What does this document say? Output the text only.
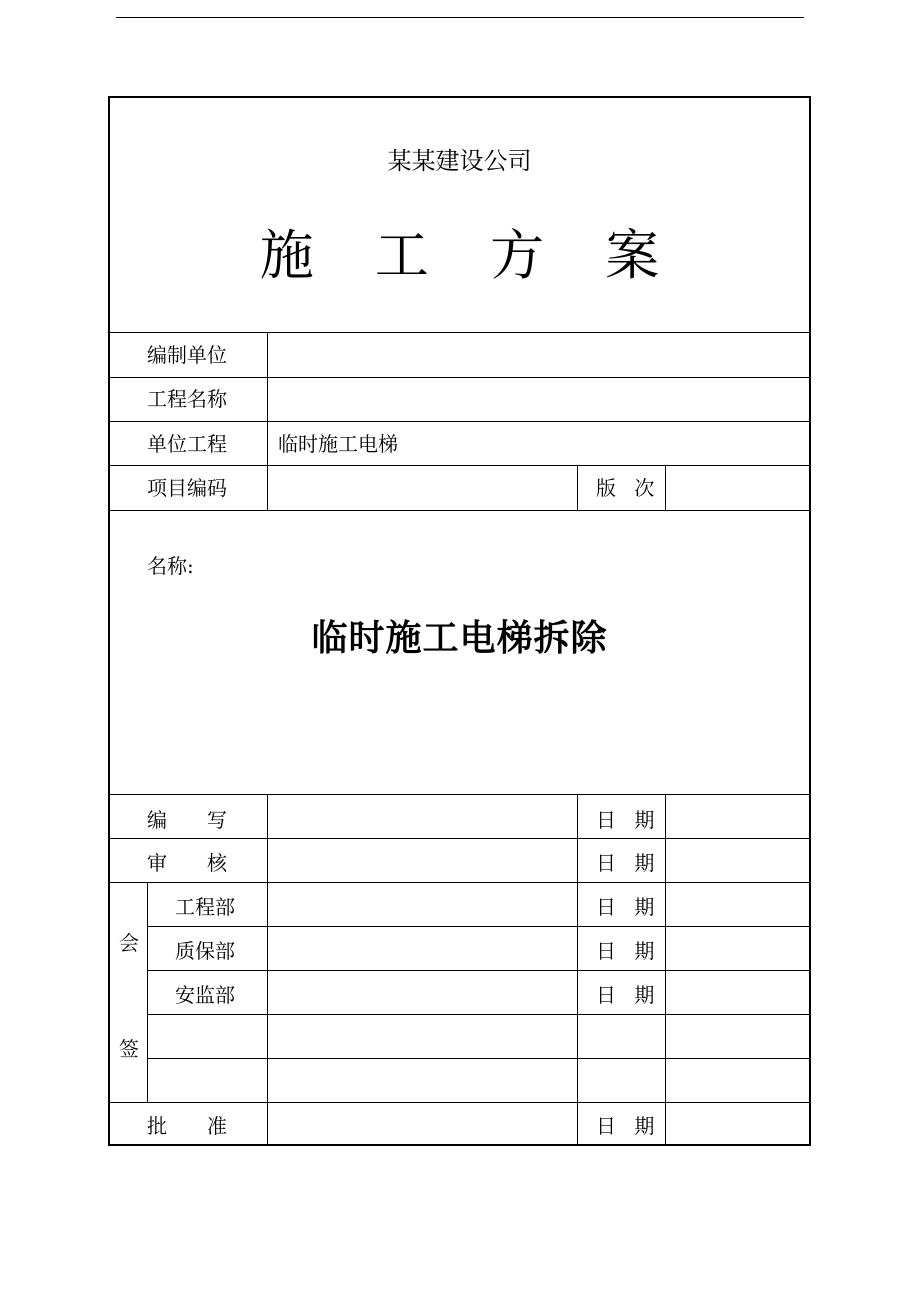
某某建设公司
施 工 方 案
编制单位
工程名称
单位工程	临时施工电梯
项目编码	版 次
名称:
临时施工电梯拆除
编　　写	日 期
审　　核	日 期
会
签
工程部	日 期
质保部	日 期
安监部	日 期
批　　准	日 期
